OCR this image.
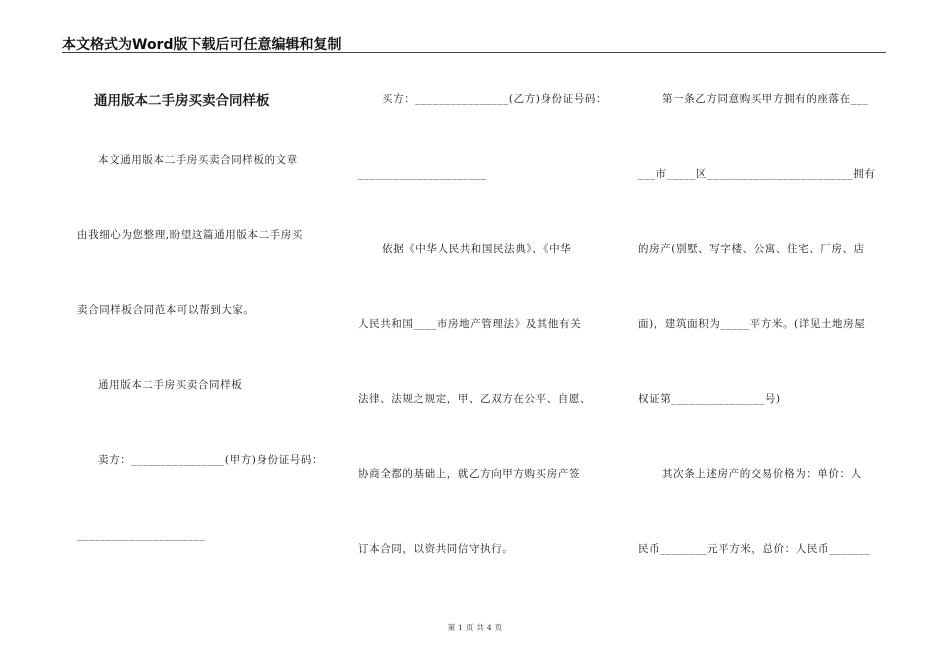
本文格式为Word版下载后可任意编辑和复制
通用版本二手房买卖合同样板
本文通用版本二手房买卖合同样板的文章
由我细心为您整理,盼望这篇通用版本二手房买
卖合同样板合同范本可以帮到大家。
通用版本二手房买卖合同样板
卖方：________________(甲方)身份证号码：
______________________
买方：________________(乙方)身份证号码：
______________________
依据《中华人民共和国民法典》、《中华
人民共和国____市房地产管理法》及其他有关
法律、法规之规定，甲、乙双方在公平、自愿、
协商全都的基础上，就乙方向甲方购买房产签
订本合同，以资共同信守执行。
第一条乙方同意购买甲方拥有的座落在___
___市_____区_________________________拥有
的房产(别墅、写字楼、公寓、住宅、厂房、店
面)，建筑面积为_____平方米。(详见土地房屋
权证第________________号)
其次条上述房产的交易价格为：单价：人
民币________元平方米，总价：人民币_______
第 1 页 共 4 页
